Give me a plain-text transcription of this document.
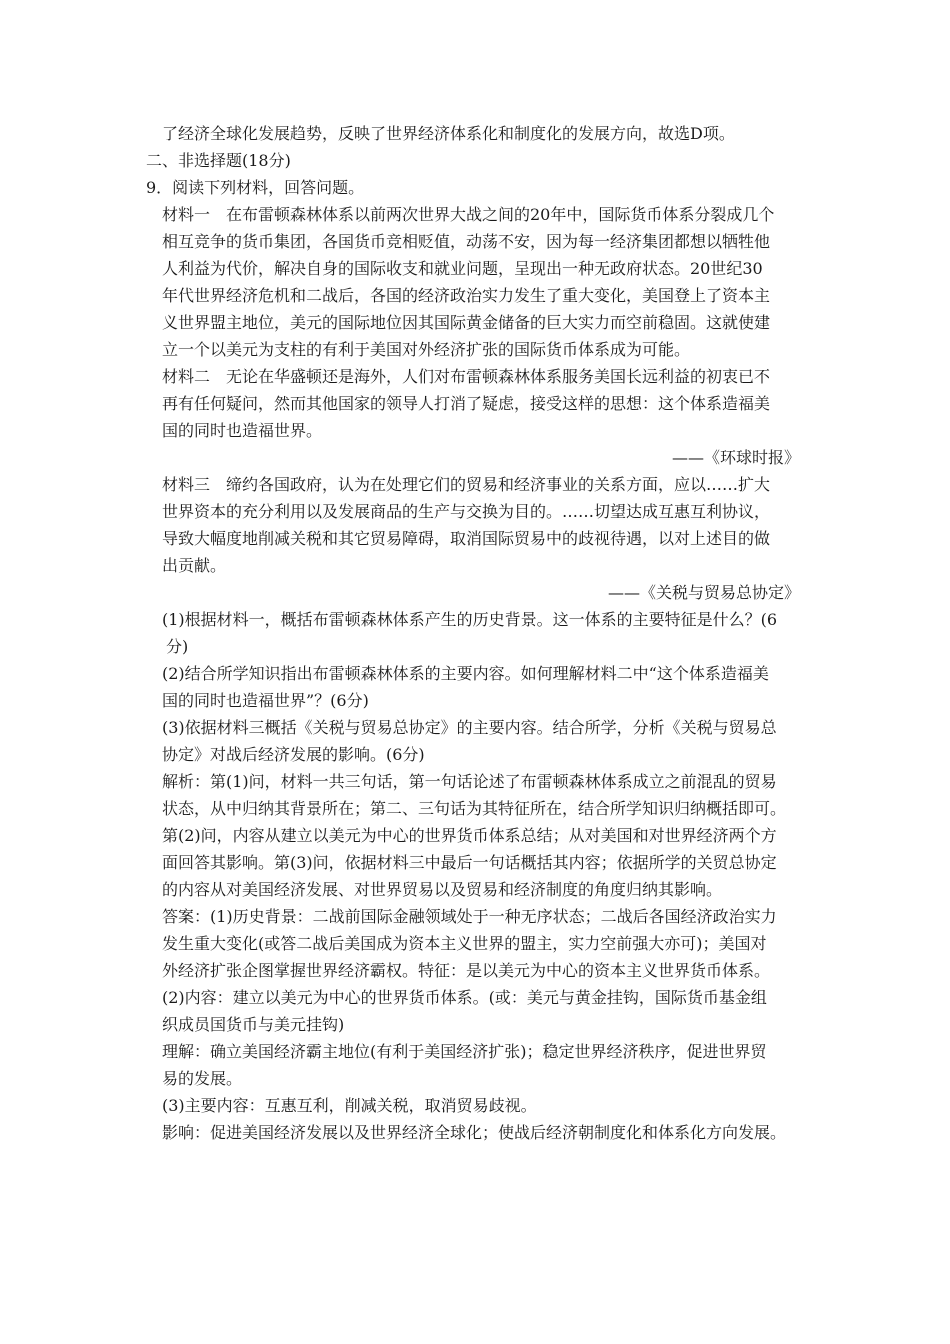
了经济全球化发展趋势，反映了世界经济体系化和制度化的发展方向，故选D项。

二、非选择题(18分)

9．阅读下列材料，回答问题。

材料一　在布雷顿森林体系以前两次世界大战之间的20年中，国际货币体系分裂成几个

相互竞争的货币集团，各国货币竞相贬值，动荡不安，因为每一经济集团都想以牺牲他

人利益为代价，解决自身的国际收支和就业问题，呈现出一种无政府状态。20世纪30

年代世界经济危机和二战后，各国的经济政治实力发生了重大变化，美国登上了资本主

义世界盟主地位，美元的国际地位因其国际黄金储备的巨大实力而空前稳固。这就使建

立一个以美元为支柱的有利于美国对外经济扩张的国际货币体系成为可能。

材料二　无论在华盛顿还是海外，人们对布雷顿森林体系服务美国长远利益的初衷已不

再有任何疑问，然而其他国家的领导人打消了疑虑，接受这样的思想：这个体系造福美

国的同时也造福世界。

——《环球时报》

材料三　缔约各国政府，认为在处理它们的贸易和经济事业的关系方面，应以……扩大

世界资本的充分利用以及发展商品的生产与交换为目的。……切望达成互惠互利协议，

导致大幅度地削减关税和其它贸易障碍，取消国际贸易中的歧视待遇，以对上述目的做

出贡献。

——《关税与贸易总协定》

(1)根据材料一，概括布雷顿森林体系产生的历史背景。这一体系的主要特征是什么？(6

分)

(2)结合所学知识指出布雷顿森林体系的主要内容。如何理解材料二中“这个体系造福美

国的同时也造福世界”？(6分)

(3)依据材料三概括《关税与贸易总协定》的主要内容。结合所学，分析《关税与贸易总

协定》对战后经济发展的影响。(6分)

解析：第(1)问，材料一共三句话，第一句话论述了布雷顿森林体系成立之前混乱的贸易

状态，从中归纳其背景所在；第二、三句话为其特征所在，结合所学知识归纳概括即可。

第(2)问，内容从建立以美元为中心的世界货币体系总结；从对美国和对世界经济两个方

面回答其影响。第(3)问，依据材料三中最后一句话概括其内容；依据所学的关贸总协定

的内容从对美国经济发展、对世界贸易以及贸易和经济制度的角度归纳其影响。

答案：(1)历史背景：二战前国际金融领域处于一种无序状态；二战后各国经济政治实力

发生重大变化(或答二战后美国成为资本主义世界的盟主，实力空前强大亦可)；美国对

外经济扩张企图掌握世界经济霸权。特征：是以美元为中心的资本主义世界货币体系。

(2)内容：建立以美元为中心的世界货币体系。(或：美元与黄金挂钩，国际货币基金组

织成员国货币与美元挂钩)

理解：确立美国经济霸主地位(有利于美国经济扩张)；稳定世界经济秩序，促进世界贸

易的发展。

(3)主要内容：互惠互利，削减关税，取消贸易歧视。

影响：促进美国经济发展以及世界经济全球化；使战后经济朝制度化和体系化方向发展。
